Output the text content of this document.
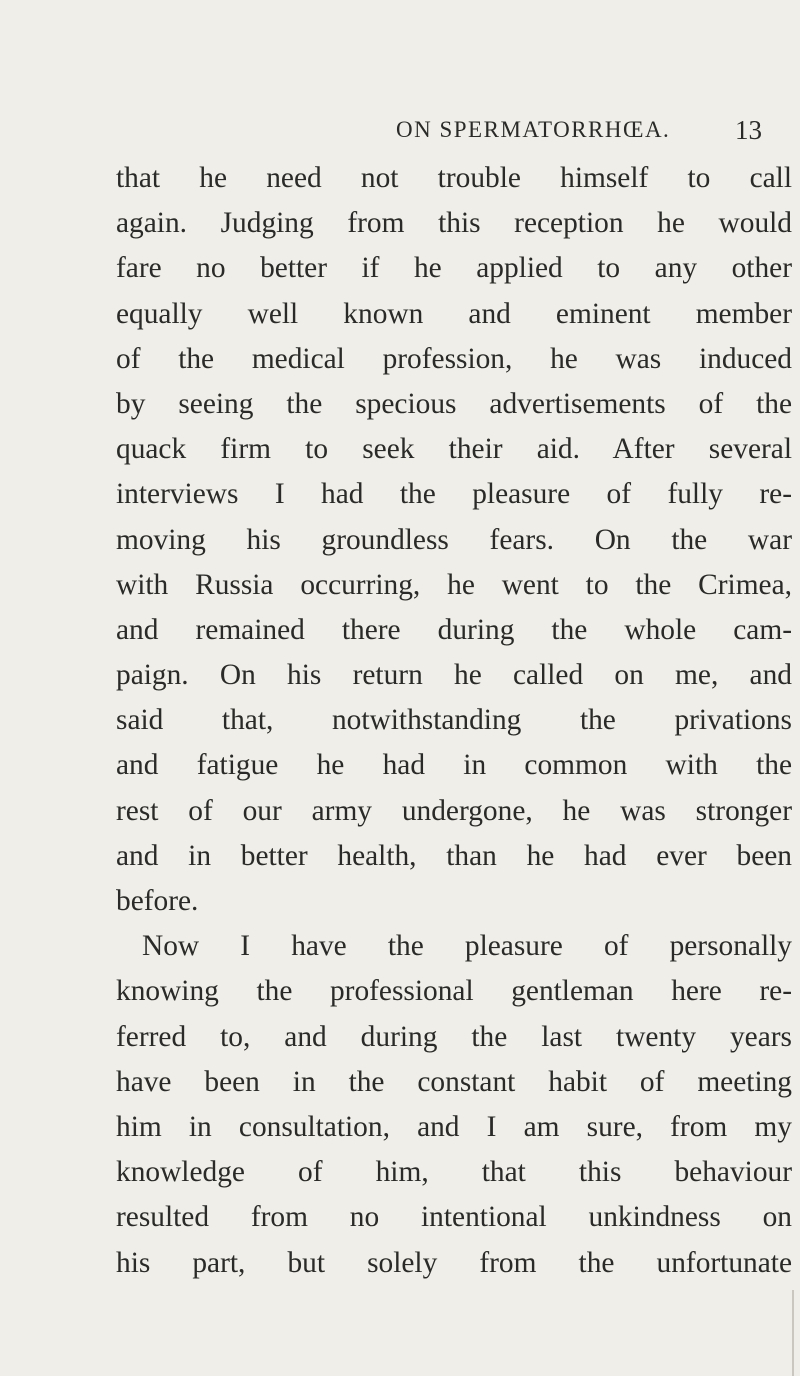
ON SPERMATORRHŒA. 13
that he need not trouble himself to call
again. Judging from this reception he would
fare no better if he applied to any other
equally well known and eminent member
of the medical profession, he was induced
by seeing the specious advertisements of the
quack firm to seek their aid. After several
interviews I had the pleasure of fully re-
moving his groundless fears. On the war
with Russia occurring, he went to the Crimea,
and remained there during the whole cam-
paign. On his return he called on me, and
said that, notwithstanding the privations
and fatigue he had in common with the
rest of our army undergone, he was stronger
and in better health, than he had ever been
before.
Now I have the pleasure of personally
knowing the professional gentleman here re-
ferred to, and during the last twenty years
have been in the constant habit of meeting
him in consultation, and I am sure, from my
knowledge of him, that this behaviour
resulted from no intentional unkindness on
his part, but solely from the unfortunate
